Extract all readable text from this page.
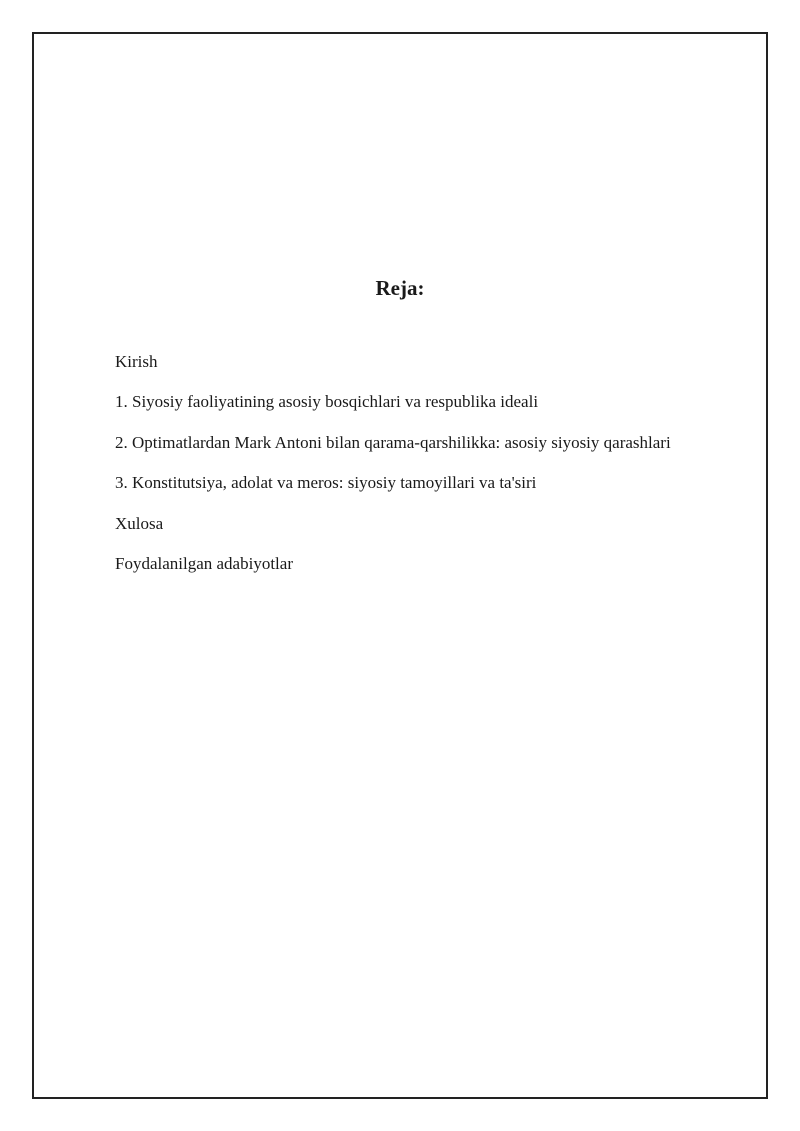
Reja:
Kirish
1. Siyosiy faoliyatining asosiy bosqichlari va respublika ideali
2. Optimatlardan Mark Antoni bilan qarama-qarshilikka: asosiy siyosiy qarashlari
3. Konstitutsiya, adolat va meros: siyosiy tamoyillari va ta'siri
Xulosa
Foydalanilgan adabiyotlar
